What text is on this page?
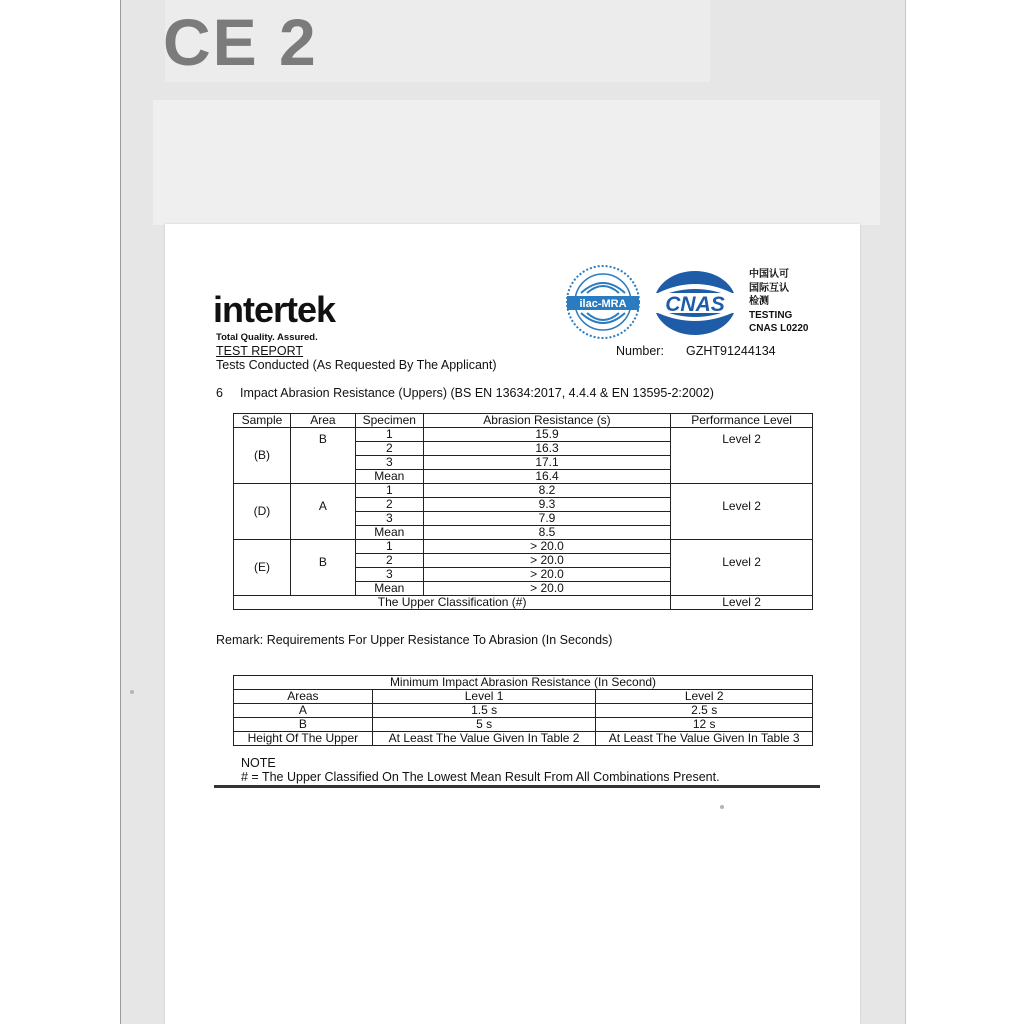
CE 2
intertek
Total Quality. Assured.
TEST REPORT
Tests Conducted (As Requested By The Applicant)
Number: GZHT91244134
ilac-MRA CNAS
中国认可
国际互认
检测
TESTING
CNAS L0220
6 Impact Abrasion Resistance (Uppers) (BS EN 13634:2017, 4.4.4 & EN 13595-2:2002)
Sample	Area	Specimen	Abrasion Resistance (s)	Performance Level
(B)	B	1	15.9	Level 2
		2	16.3	
		3	17.1	
		Mean	16.4	
(D)	A	1	8.2	Level 2
		2	9.3	
		3	7.9	
		Mean	8.5	
(E)	B	1	> 20.0	Level 2
		2	> 20.0	
		3	> 20.0	
		Mean	> 20.0	
The Upper Classification (#)				Level 2
Remark: Requirements For Upper Resistance To Abrasion (In Seconds)
Minimum Impact Abrasion Resistance (In Second)		
Areas	Level 1	Level 2
A	1.5 s	2.5 s
B	5 s	12 s
Height Of The Upper	At Least The Value Given In Table 2	At Least The Value Given In Table 3
NOTE
# = The Upper Classified On The Lowest Mean Result From All Combinations Present.
